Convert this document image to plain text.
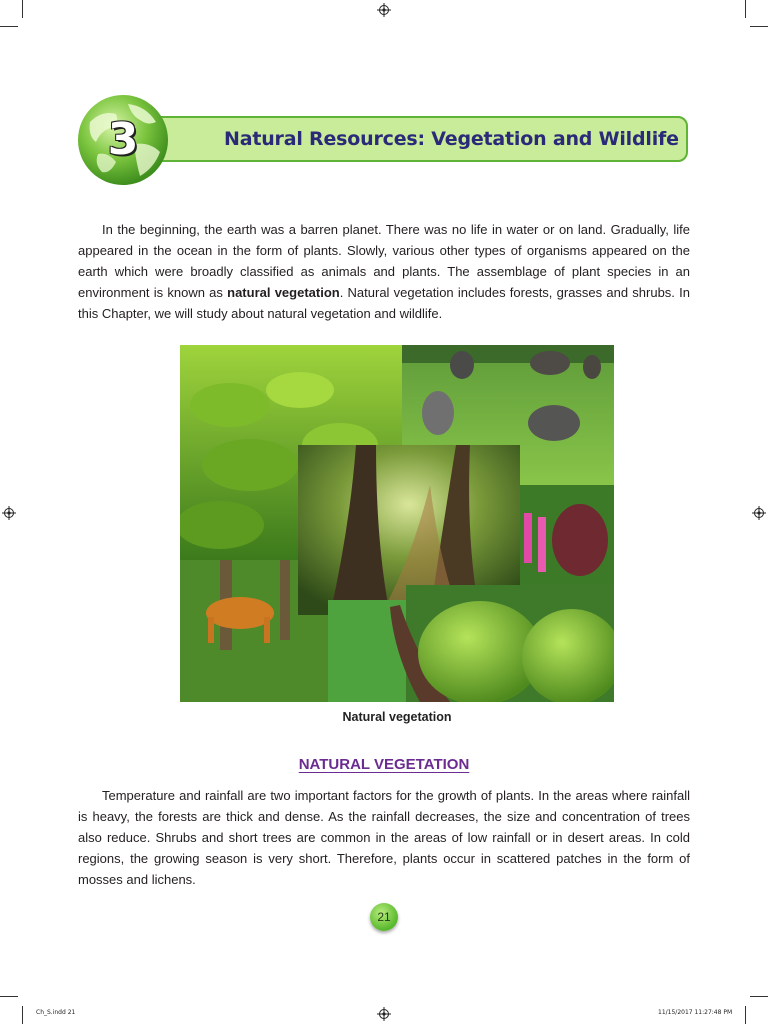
3	Natural Resources: Vegetation and Wildlife

In the beginning, the earth was a barren planet. There was no life in water or on land. Gradually, life appeared in the ocean in the form of plants. Slowly, various other types of organisms appeared on the earth which were broadly classified as animals and plants. The assemblage of plant species in an environment is known as natural vegetation. Natural vegetation includes forests, grasses and shrubs. In this Chapter, we will study about natural vegetation and wildlife.

Natural vegetation
NATURAL VEGETATION

Temperature and rainfall are two important factors for the growth of plants. In the areas where rainfall is heavy, the forests are thick and dense. As the rainfall decreases, the size and concentration of trees also reduce. Shrubs and short trees are common in the areas of low rainfall or in desert areas. In cold regions, the growing season is very short. Therefore, plants occur in scattered patches in the form of mosses and lichens.

21
Ch_S.indd 21	11/15/2017 11:27:48 PM
